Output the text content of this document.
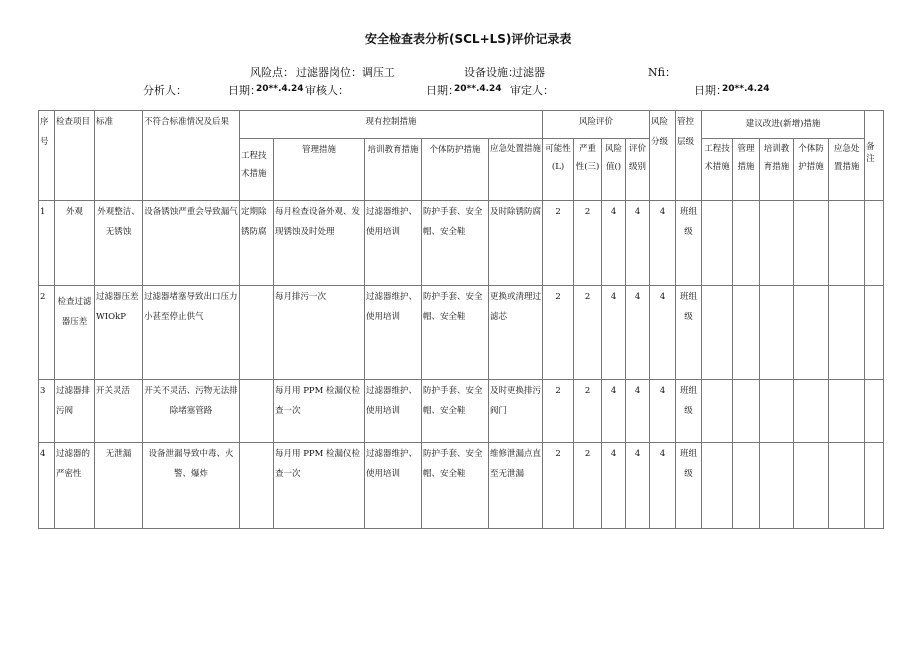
安全检查表分析(SCL+LS)评价记录表
风险点： 过滤器岗位：调压工	设备设施：
过滤器	Nfi：
分析人：	日期：
20**.4.24 审核人：	日期：
20**.4.24 审定人：	日期：
20**.4.24
序号	检查项目	标准	不符合标准情况及后果	现有控制措施					风险评价				风险分级	管控层级	建议改进(新增)措施					备注
				工程技术措施	管理措施	培训教育措施	个体防护措施	应急处置措施	可能性(L)	严重性(三)	风险值()	评价级别			工程技术措施	管理措施	培训教育措施	个体防护措施	应急处置措施	
1	外观	外观整洁、无锈蚀	设备锈蚀严重会导致漏气	定期除锈防腐	每月检查设备外观、发现锈蚀及时处理	过滤器维护、使用培训	防护手套、安全帽、安全鞋	及时除锈防腐	2	2	4	4	4	班组级						
2	检查过滤器压差	过滤器压差 WIOkP	过滤器堵塞导致出口压力小甚至停止供气		每月排污一次	过滤器维护、使用培训	防护手套、安全帽、安全鞋	更换或清理过滤芯	2	2	4	4	4	班组级						
3	过滤器排污阀	开关灵活	开关不灵活、污物无法排除堵塞管路		每月用 PPM 检漏仪检查一次	过滤器维护、使用培训	防护手套、安全帽、安全鞋	及时更换排污阀门	2	2	4	4	4	班组级						
4	过滤器的严密性	无泄漏	设备泄漏导致中毒、火警、爆炸		每月用 PPM 检漏仪检查一次	过滤器维护、使用培训	防护手套、安全帽、安全鞋	维修泄漏点直至无泄漏	2	2	4	4	4	班组级						
